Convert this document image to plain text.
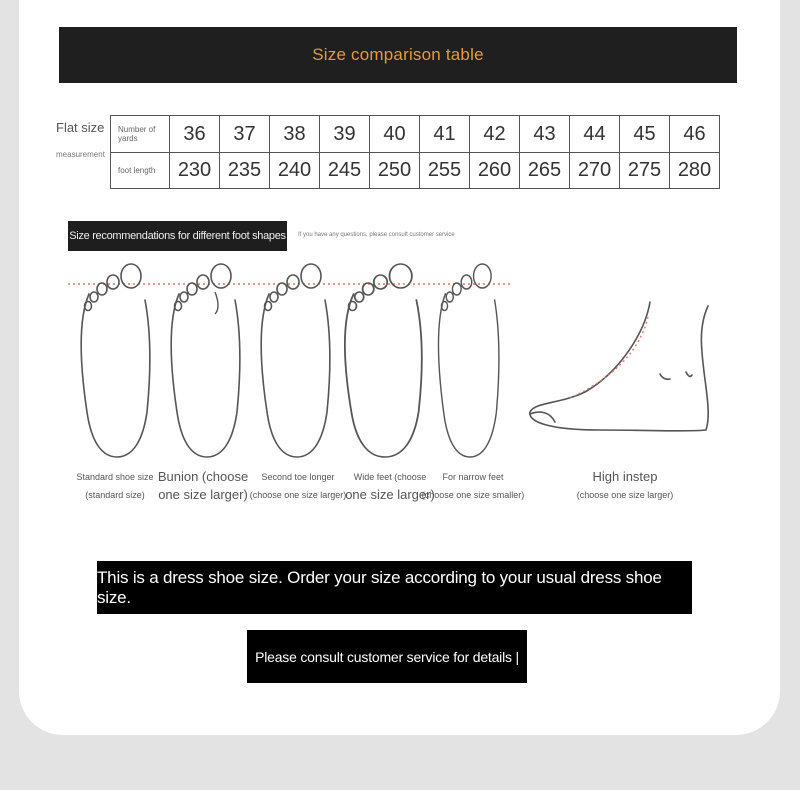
Size comparison table
Flat size
measurement
Number of yards	36	37	38	39	40	41	42	43	44	45	46
foot length	230	235	240	245	250	255	260	265	270	275	280
Size recommendations for different foot shapes If you have any questions, please consult customer service
Standard shoe size
(standard size)
Bunion (choose
one size larger)
Second toe longer
(choose one size larger)
Wide feet (choose
one size larger)
For narrow feet
(choose one size smaller)
High instep
(choose one size larger)
This is a dress shoe size. Order your size according to your usual dress shoe size.
Please consult customer service for details |
